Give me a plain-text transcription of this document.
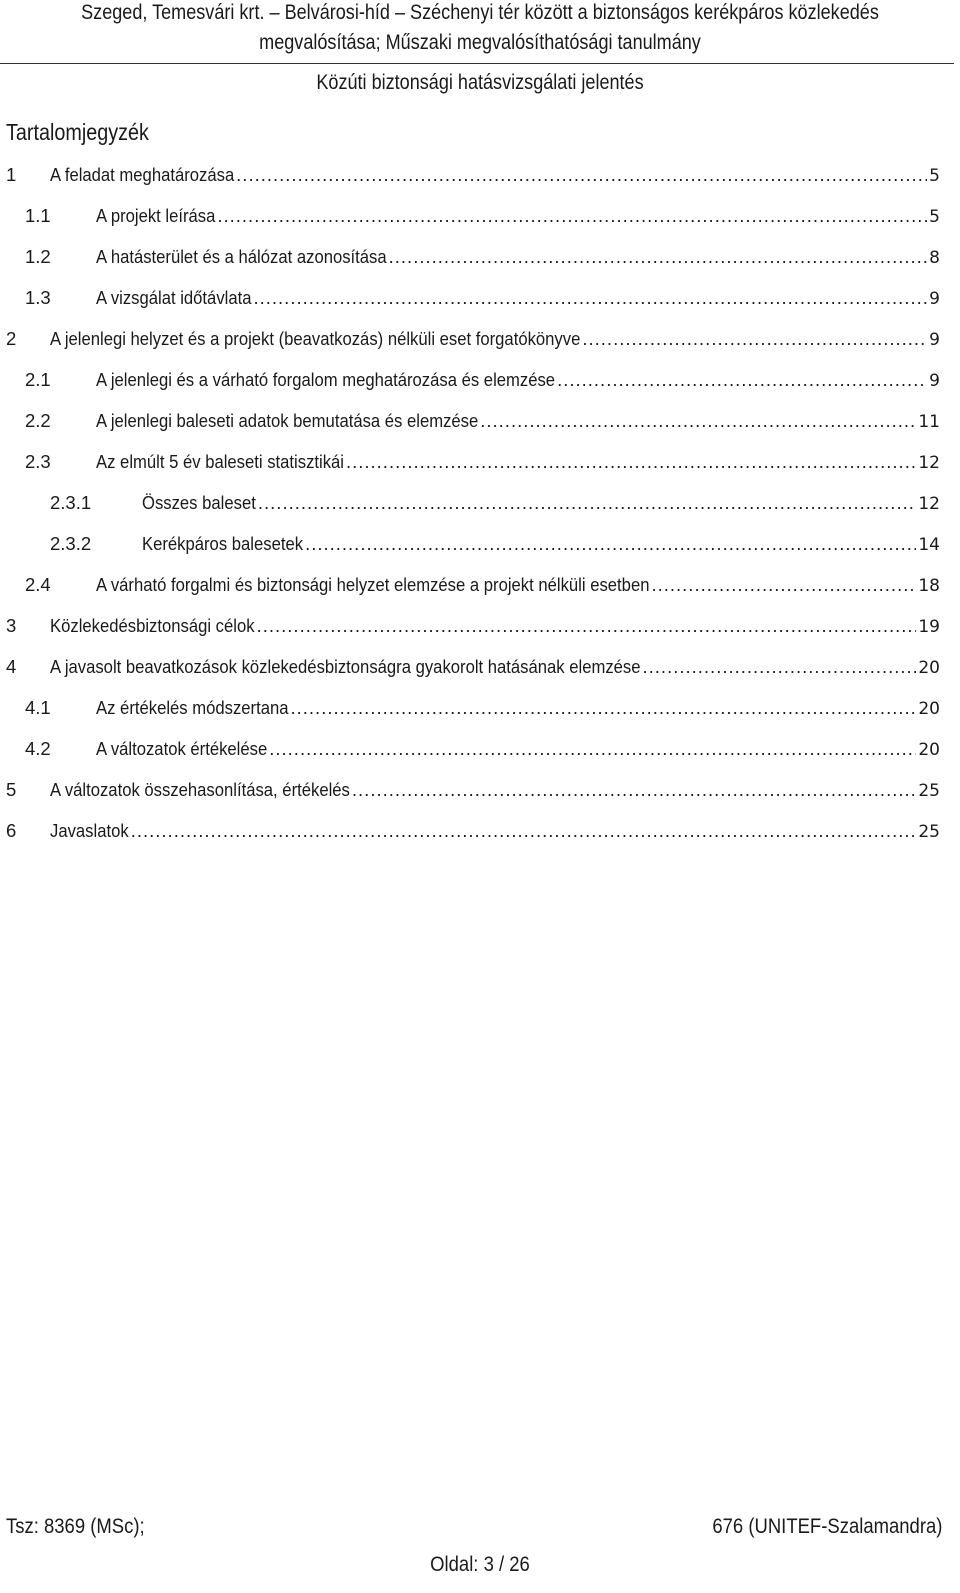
Szeged, Temesvári krt. – Belvárosi-híd – Széchenyi tér között a biztonságos kerékpáros közlekedés
megvalósítása; Műszaki megvalósíthatósági tanulmány
Közúti biztonsági hatásvizsgálati jelentés
Tartalomjegyzék
1 A feladat meghatározása .....	5
1.1 A projekt leírása .....	5
1.2 A hatásterület és a hálózat azonosítása .....	8
1.3 A vizsgálat időtávlata .....	9
2 A jelenlegi helyzet és a projekt (beavatkozás) nélküli eset forgatókönyve .....	9
2.1 A jelenlegi és a várható forgalom meghatározása és elemzése .....	9
2.2 A jelenlegi baleseti adatok bemutatása és elemzése .....	11
2.3 Az elmúlt 5 év baleseti statisztikái .....	12
2.3.1	Összes baleset .....	12
2.3.2	Kerékpáros balesetek .....	14
2.4 A várható forgalmi és biztonsági helyzet elemzése a projekt nélküli esetben .....	18
3 Közlekedésbiztonsági célok .....	19
4 A javasolt beavatkozások közlekedésbiztonságra gyakorolt hatásának elemzése .....	20
4.1 Az értékelés módszertana .....	20
4.2 A változatok értékelése .....	20
5 A változatok összehasonlítása, értékelés .....	25
6 Javaslatok .....	25
Tsz: 8369 (MSc);	676 (UNITEF-Szalamandra)
Oldal: 3 / 26
